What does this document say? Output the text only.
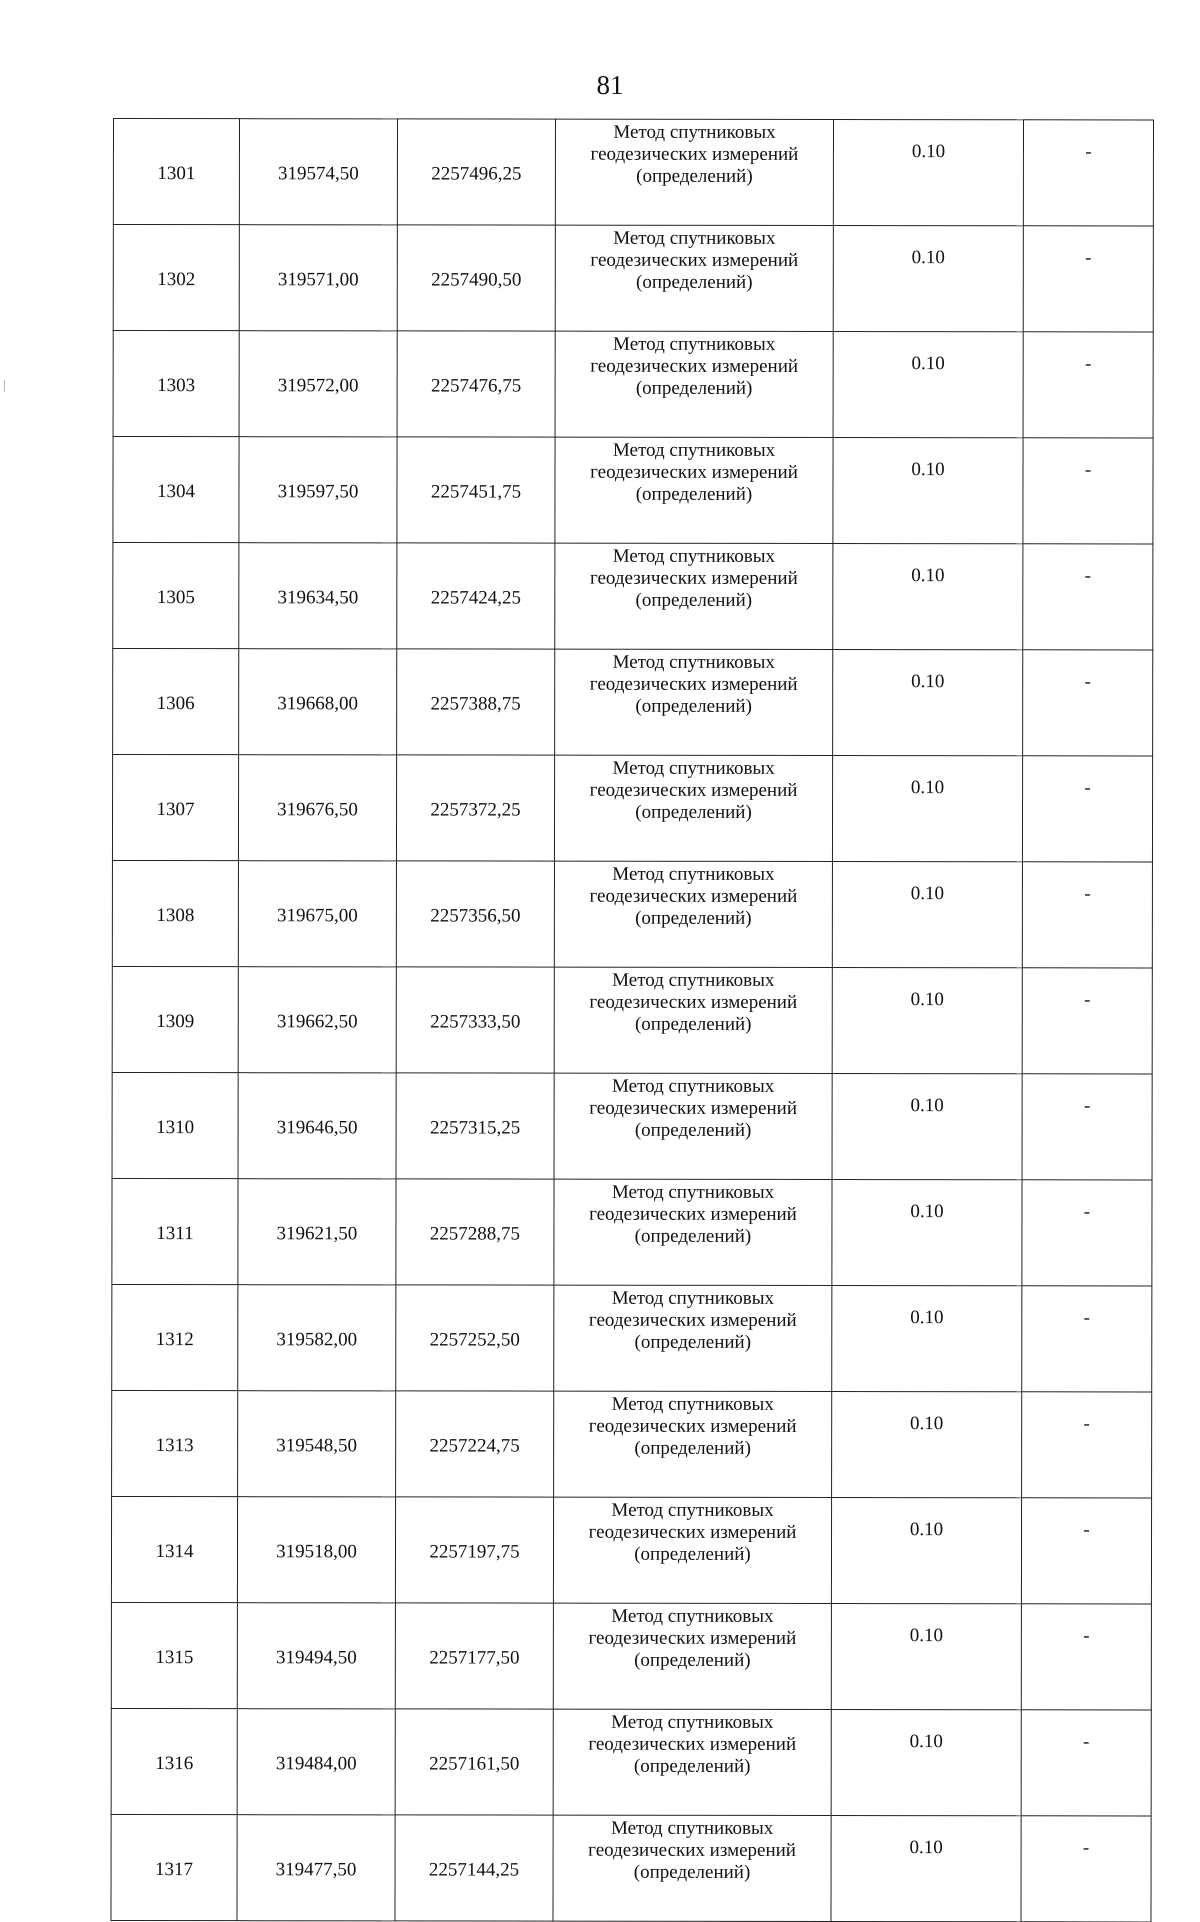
81
1301	319574,50	2257496,25	Метод спутниковых
геодезических измерений
(определений)	0.10	-
1302	319571,00	2257490,50	Метод спутниковых
геодезических измерений
(определений)	0.10	-
1303	319572,00	2257476,75	Метод спутниковых
геодезических измерений
(определений)	0.10	-
1304	319597,50	2257451,75	Метод спутниковых
геодезических измерений
(определений)	0.10	-
1305	319634,50	2257424,25	Метод спутниковых
геодезических измерений
(определений)	0.10	-
1306	319668,00	2257388,75	Метод спутниковых
геодезических измерений
(определений)	0.10	-
1307	319676,50	2257372,25	Метод спутниковых
геодезических измерений
(определений)	0.10	-
1308	319675,00	2257356,50	Метод спутниковых
геодезических измерений
(определений)	0.10	-
1309	319662,50	2257333,50	Метод спутниковых
геодезических измерений
(определений)	0.10	-
1310	319646,50	2257315,25	Метод спутниковых
геодезических измерений
(определений)	0.10	-
1311	319621,50	2257288,75	Метод спутниковых
геодезических измерений
(определений)	0.10	-
1312	319582,00	2257252,50	Метод спутниковых
геодезических измерений
(определений)	0.10	-
1313	319548,50	2257224,75	Метод спутниковых
геодезических измерений
(определений)	0.10	-
1314	319518,00	2257197,75	Метод спутниковых
геодезических измерений
(определений)	0.10	-
1315	319494,50	2257177,50	Метод спутниковых
геодезических измерений
(определений)	0.10	-
1316	319484,00	2257161,50	Метод спутниковых
геодезических измерений
(определений)	0.10	-
1317	319477,50	2257144,25	Метод спутниковых
геодезических измерений
(определений)	0.10	-
